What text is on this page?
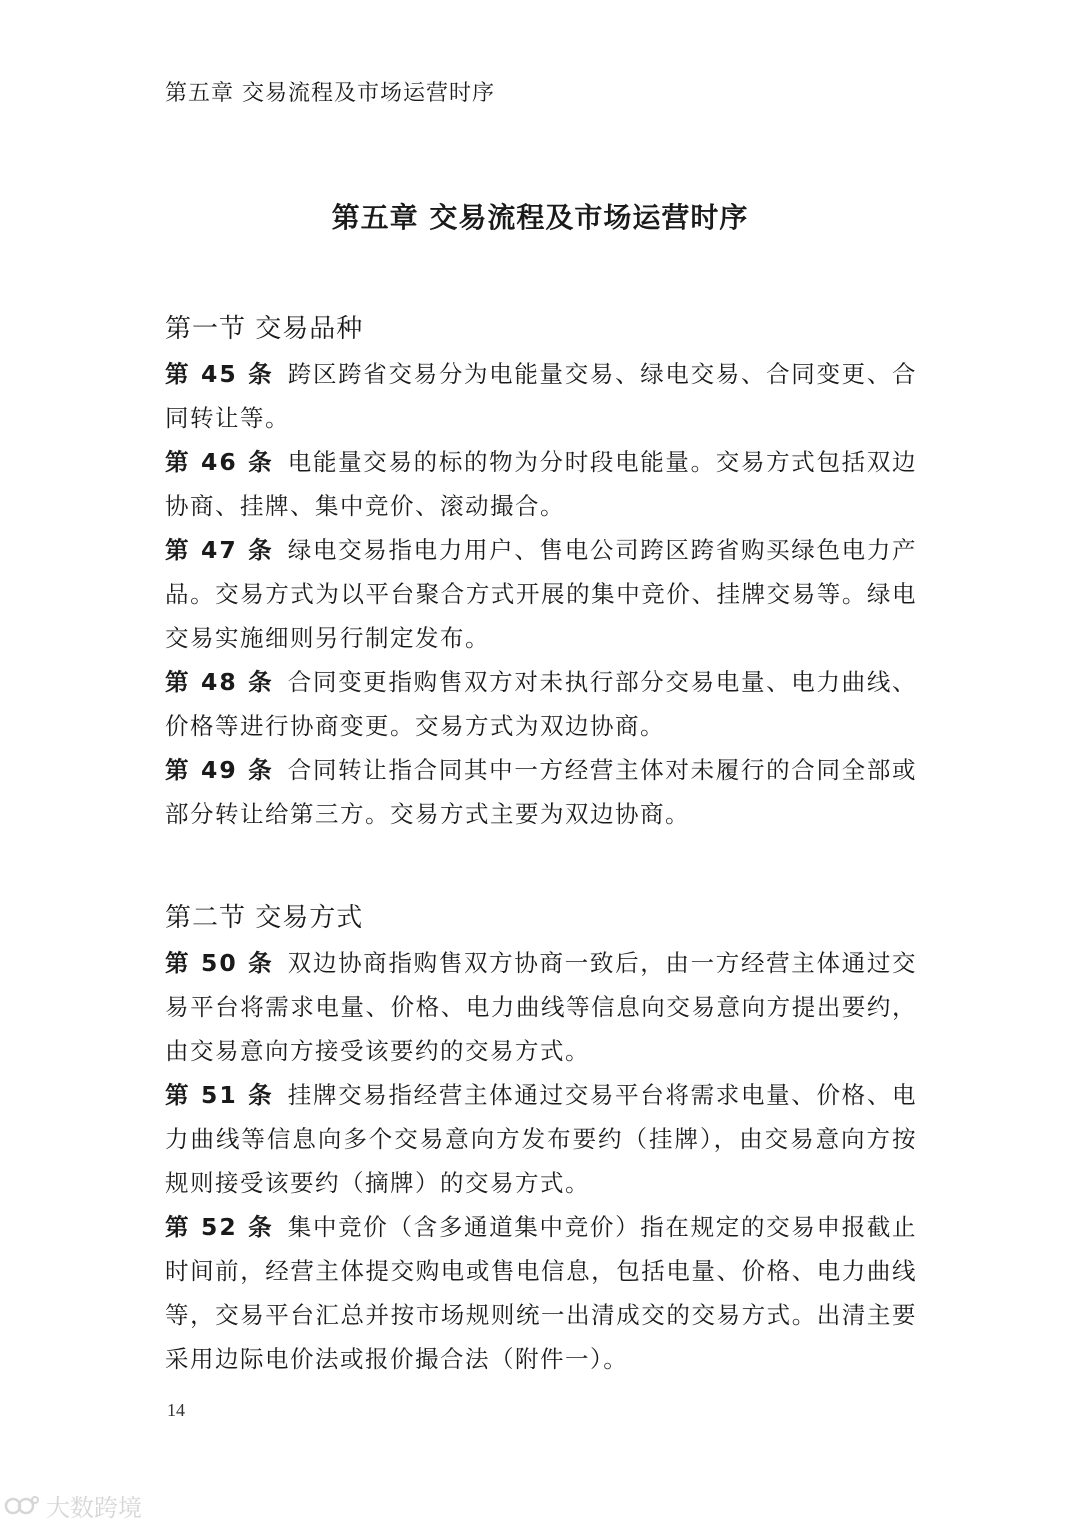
第五章 交易流程及市场运营时序
第五章 交易流程及市场运营时序
第一节 交易品种
第 45 条 跨区跨省交易分为电能量交易、绿电交易、合同变更、合同转让等。
第 46 条 电能量交易的标的物为分时段电能量。交易方式包括双边协商、挂牌、集中竞价、滚动撮合。
第 47 条 绿电交易指电力用户、售电公司跨区跨省购买绿色电力产品。交易方式为以平台聚合方式开展的集中竞价、挂牌交易等。绿电交易实施细则另行制定发布。
第 48 条 合同变更指购售双方对未执行部分交易电量、电力曲线、价格等进行协商变更。交易方式为双边协商。
第 49 条 合同转让指合同其中一方经营主体对未履行的合同全部或部分转让给第三方。交易方式主要为双边协商。
第二节 交易方式
第 50 条 双边协商指购售双方协商一致后，由一方经营主体通过交易平台将需求电量、价格、电力曲线等信息向交易意向方提出要约，由交易意向方接受该要约的交易方式。
第 51 条 挂牌交易指经营主体通过交易平台将需求电量、价格、电力曲线等信息向多个交易意向方发布要约（挂牌），由交易意向方按规则接受该要约（摘牌）的交易方式。
第 52 条 集中竞价（含多通道集中竞价）指在规定的交易申报截止时间前，经营主体提交购电或售电信息，包括电量、价格、电力曲线等，交易平台汇总并按市场规则统一出清成交的交易方式。出清主要采用边际电价法或报价撮合法（附件一）。
14
大数跨境
